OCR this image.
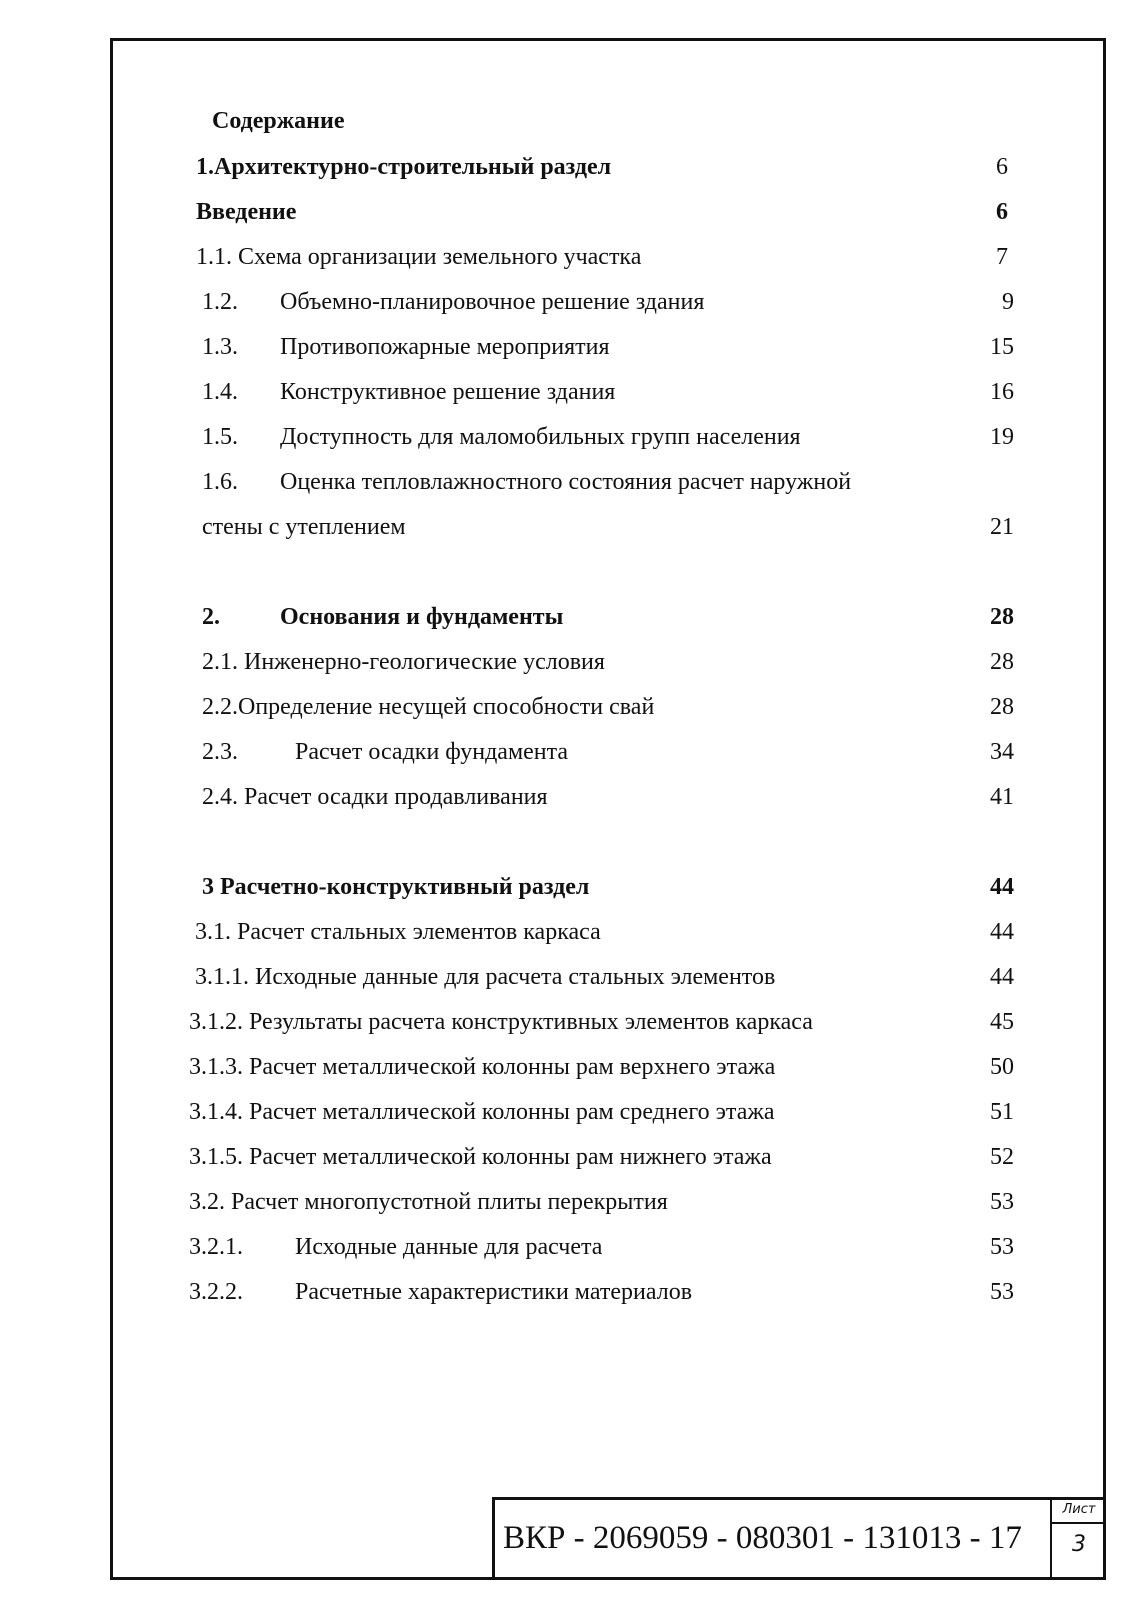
Содержание
1.Архитектурно-строительный раздел	6
Введение	6
1.1. Схема организации земельного участка	7
1.2. Объемно-планировочное решение здания	9
1.3. Противопожарные мероприятия	15
1.4. Конструктивное решение здания	16
1.5. Доступность для маломобильных групп населения	19
1.6. Оценка тепловлажностного состояния расчет наружной
стены с утеплением	21
2.	Основания и фундаменты	28
2.1. Инженерно-геологические условия	28
2.2.Определение несущей способности свай	28
2.3. Расчет осадки фундамента	34
2.4. Расчет осадки продавливания	41
3 Расчетно-конструктивный раздел	44
3.1. Расчет стальных элементов каркаса	44
3.1.1. Исходные данные для расчета стальных элементов	44
3.1.2. Результаты расчета конструктивных элементов каркаса	45
3.1.3. Расчет металлической колонны рам верхнего этажа	50
3.1.4. Расчет металлической колонны рам среднего этажа	51
3.1.5. Расчет металлической колонны рам нижнего этажа	52
3.2. Расчет многопустотной плиты перекрытия	53
3.2.1. Исходные данные для расчета	53
3.2.2. Расчетные характеристики материалов	53
ВКР - 2069059 - 080301 - 131013 - 17
Лист
3
